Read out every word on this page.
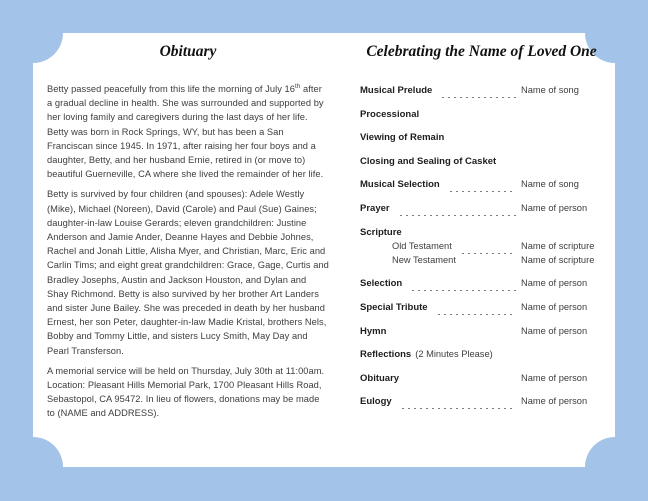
Obituary

Betty passed peacefully from this life the morning of July 16th after a gradual decline in health. She was surrounded and supported by her loving family and caregivers during the last days of her life. Betty was born in Rock Springs, WY, but has been a San Franciscan since 1945. In 1971, after raising her four boys and a daughter, Betty, and her husband Ernie, retired in (or move to) beautiful Guerneville, CA where she lived the remainder of her life.

Betty is survived by four children (and spouses): Adele Westly (Mike), Michael (Noreen), David (Carole) and Paul (Sue) Gaines; daughter-in-law Louise Gerards; eleven grandchildren: Justine Anderson and Jamie Ander, Deanne Hayes and Debbie Johnes, Rachel and Jonah Little, Alisha Myer, and Christian, Marc, Eric and Carlin Tims; and eight great grandchildren: Grace, Gage, Curtis and Bradley Josephs, Austin and Jackson Houston, and Dylan and Shay Richmond. Betty is also survived by her brother Art Landers and sister June Bailey. She was preceded in death by her husband Ernest, her son Peter, daughter-in-law Madie Kristal, brothers Nels, Bobby and Tommy Little, and sisters Lucy Smith, May Day and Pearl Transferson.

A memorial service will be held on Thursday, July 30th at 11:00am. Location: Pleasant Hills Memorial Park, 1700 Pleasant Hills Road, Sebastopol, CA 95472. In lieu of flowers, donations may be made to (NAME and ADDRESS).

Celebrating the Name of Loved One
Musical Prelude	Name of song
Processional
Viewing of Remain
Closing and Sealing of Casket
Musical Selection	Name of song
Prayer	Name of person
Scripture
Old Testament	Name of scripture
New Testament	Name of scripture
Selection	Name of person
Special Tribute	Name of person
Hymn	Name of person
Reflections (2 Minutes Please)
Obituary	Name of person
Eulogy	Name of person
